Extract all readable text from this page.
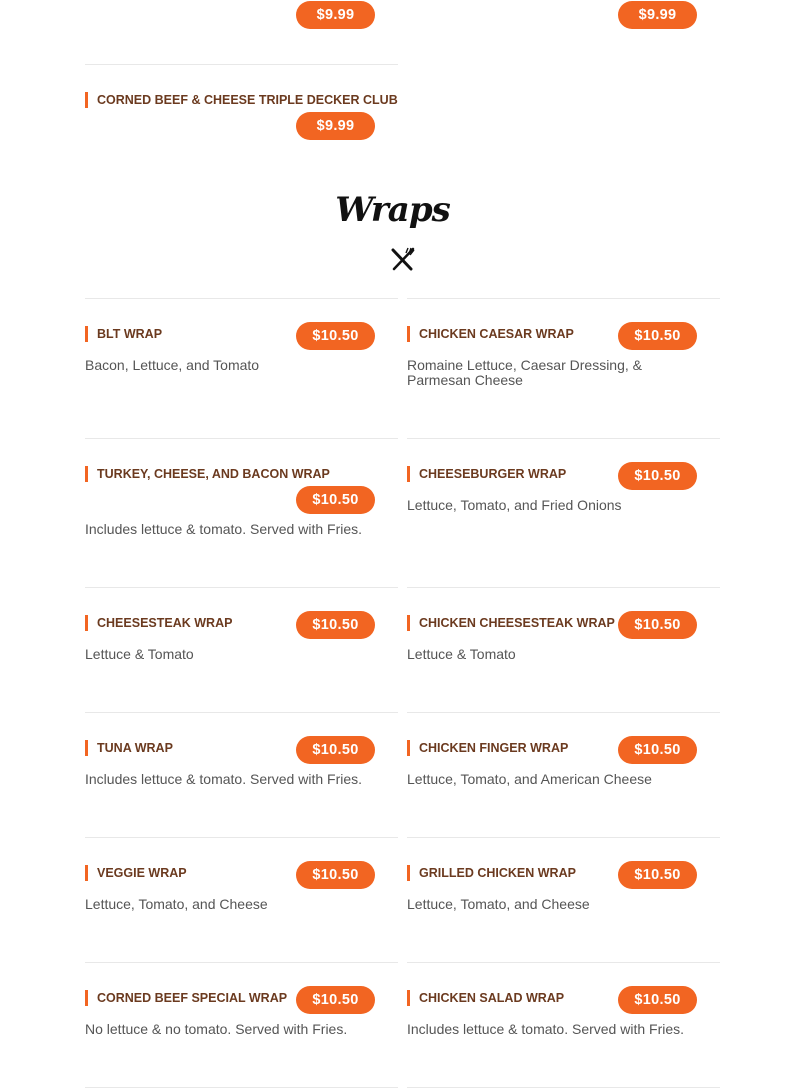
$9.99
CORNED BEEF & CHEESE TRIPLE DECKER CLUB
$9.99
$9.99
Wraps
BLT WRAP	$10.50
Bacon, Lettuce, and Tomato
TURKEY, CHEESE, AND BACON WRAP
$10.50
Includes lettuce & tomato. Served with Fries.
CHEESESTEAK WRAP	$10.50
Lettuce & Tomato
TUNA WRAP	$10.50
Includes lettuce & tomato. Served with Fries.
VEGGIE WRAP	$10.50
Lettuce, Tomato, and Cheese
CORNED BEEF SPECIAL WRAP	$10.50
No lettuce & no tomato. Served with Fries.
CHICKEN CAESAR WRAP	$10.50
Romaine Lettuce, Caesar Dressing, & Parmesan Cheese
CHEESEBURGER WRAP	$10.50
Lettuce, Tomato, and Fried Onions
CHICKEN CHEESESTEAK WRAP	$10.50
Lettuce & Tomato
CHICKEN FINGER WRAP	$10.50
Lettuce, Tomato, and American Cheese
GRILLED CHICKEN WRAP	$10.50
Lettuce, Tomato, and Cheese
CHICKEN SALAD WRAP	$10.50
Includes lettuce & tomato. Served with Fries.
